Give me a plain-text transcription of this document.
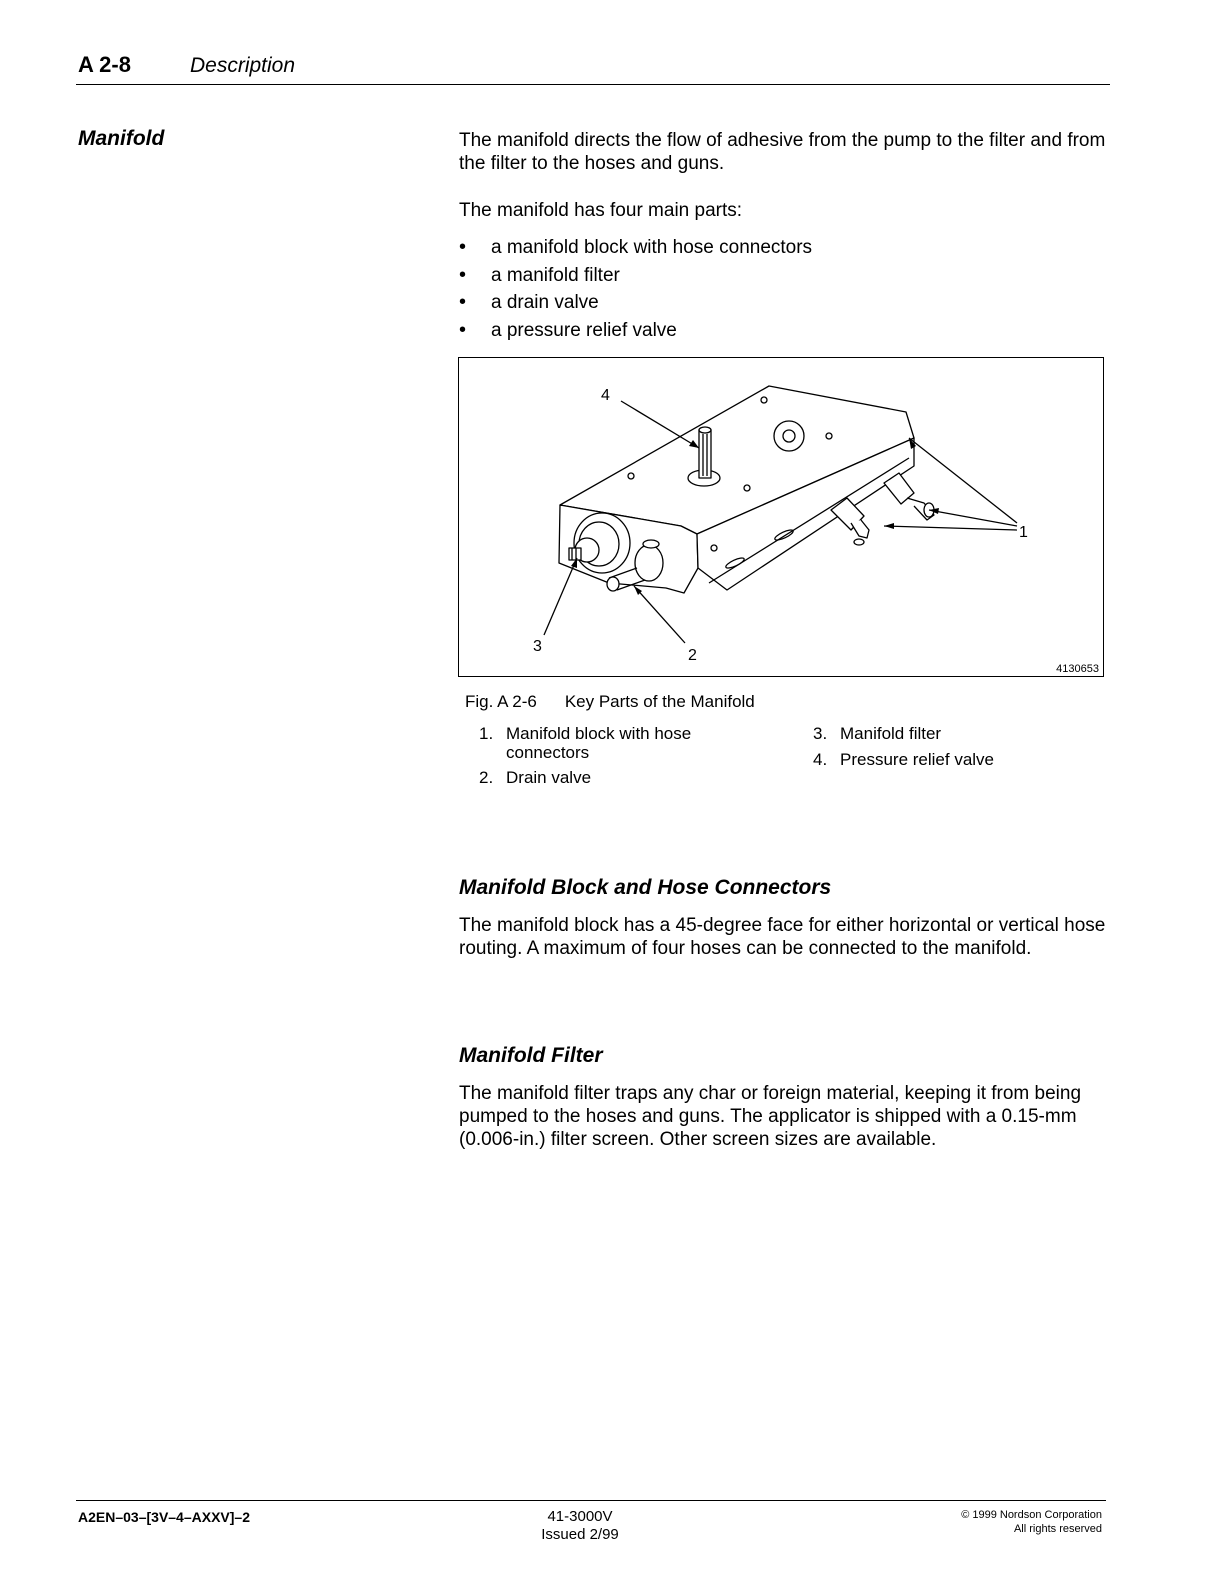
A 2-8	Description
Manifold	The manifold directs the flow of adhesive from the pump to the filter and from the filter to the hoses and guns.
The manifold has four main parts:
• a manifold block with hose connectors
• a manifold filter
• a drain valve
• a pressure relief valve
4
1
3
2
4130653
Fig. A 2-6 Key Parts of the Manifold
1. Manifold block with hose connectors
2. Drain valve
3. Manifold filter
4. Pressure relief valve
Manifold Block and Hose Connectors
The manifold block has a 45-degree face for either horizontal or vertical hose routing. A maximum of four hoses can be connected to the manifold.
Manifold Filter
The manifold filter traps any char or foreign material, keeping it from being pumped to the hoses and guns. The applicator is shipped with a 0.15-mm (0.006-in.) filter screen. Other screen sizes are available.
A2EN–03–[3V–4–AXXV]–2	41-3000V
Issued 2/99
© 1999 Nordson Corporation
All rights reserved
